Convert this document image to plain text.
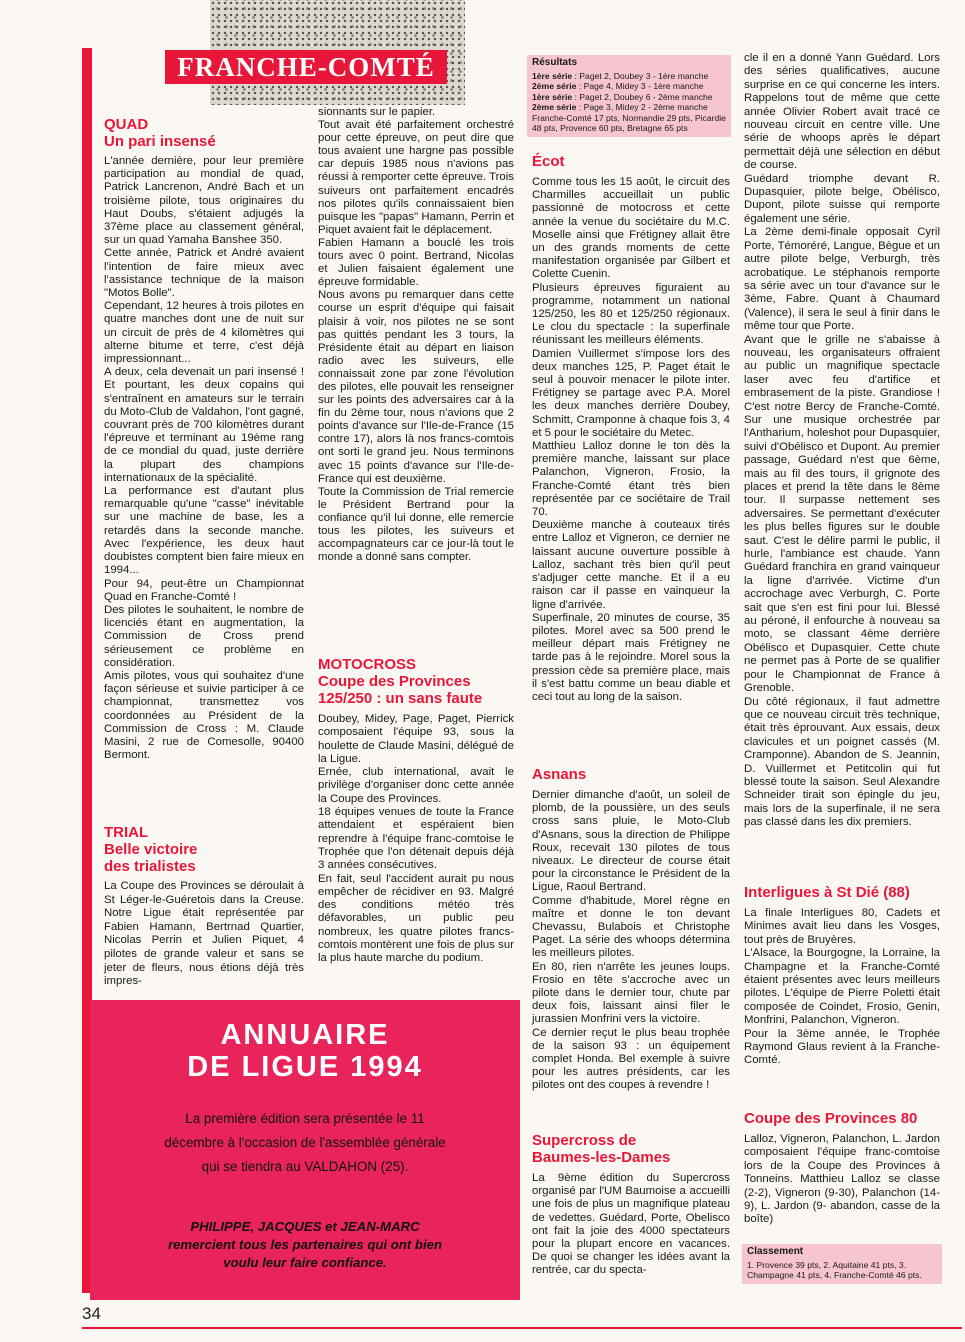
FRANCHE-COMTÉ
QUAD
Un pari insensé

L'année dernière, pour leur première participation au mondial de quad, Patrick Lancrenon, André Bach et un troisième pilote, tous originaires du Haut Doubs, s'étaient adjugés la 37ème place au classement général, sur un quad Yamaha Banshee 350.

Cette année, Patrick et André avaient l'intention de faire mieux avec l'assistance technique de la maison "Motos Bolle".

Cependant, 12 heures à trois pilotes en quatre manches dont une de nuit sur un circuit de près de 4 kilomètres qui alterne bitume et terre, c'est déjà impressionnant...

A deux, cela devenait un pari insensé ! Et pourtant, les deux copains qui s'entraînent en amateurs sur le terrain du Moto-Club de Valdahon, l'ont gagné, couvrant près de 700 kilomètres durant l'épreuve et terminant au 19ème rang de ce mondial du quad, juste derrière la plupart des champions internationaux de la spécialité.

La performance est d'autant plus remarquable qu'une "casse" inévitable sur une machine de base, les a retardés dans la seconde manche. Avec l'expérience, les deux haut doubistes comptent bien faire mieux en 1994...

Pour 94, peut-être un Championnat Quad en Franche-Comté !

Des pilotes le souhaitent, le nombre de licenciés étant en augmentation, la Commission de Cross prend sérieusement ce problème en considération.

Amis pilotes, vous qui souhaitez d'une façon sérieuse et suivie participer à ce championnat, transmettez vos coordonnées au Président de la Commission de Cross : M. Claude Masini, 2 rue de Comesolle, 90400 Bermont.

TRIAL
Belle victoire
des trialistes

La Coupe des Provinces se déroulait à St Léger-le-Guéretois dans la Creuse. Notre Ligue était représentée par Fabien Hamann, Bertrnad Quartier, Nicolas Perrin et Julien Piquet, 4 pilotes de grande valeur et sans se jeter de fleurs, nous étions déjà très impres-

sionnants sur le papier.

Tout avait été parfaitement orchestré pour cette épreuve, on peut dire que tous avaient une hargne pas possible car depuis 1985 nous n'avions pas réussi à remporter cette épreuve. Trois suiveurs ont parfaitement encadrés nos pilotes qu'ils connaissaient bien puisque les "papas" Hamann, Perrin et Piquet avaient fait le déplacement.

Fabien Hamann a bouclé les trois tours avec 0 point. Bertrand, Nicolas et Julien faisaient également une épreuve formidable.

Nous avons pu remarquer dans cette course un esprit d'équipe qui faisait plaisir à voir, nos pilotes ne se sont pas quittés pendant les 3 tours, la Présidente était au départ en liaison radio avec les suiveurs, elle connaissait zone par zone l'évolution des pilotes, elle pouvait les renseigner sur les points des adversaires car à la fin du 2ème tour, nous n'avions que 2 points d'avance sur l'Ile-de-France (15 contre 17), alors là nos francs-comtois ont sorti le grand jeu. Nous terminons avec 15 points d'avance sur l'Ile-de-France qui est deuxième.

Toute la Commission de Trial remercie le Président Bertrand pour la confiance qu'il lui donne, elle remercie tous les pilotes, les suiveurs et accompagnateurs car ce jour-là tout le monde a donné sans compter.

MOTOCROSS
Coupe des Provinces
125/250 : un sans faute

Doubey, Midey, Page, Paget, Pierrick composaient l'équipe 93, sous la houlette de Claude Masini, délégué de la Ligue.

Ernée, club international, avait le privilège d'organiser donc cette année la Coupe des Provinces.

18 équipes venues de toute la France attendaient et espéraient bien reprendre à l'équipe franc-comtoise le Trophée que l'on détenait depuis déjà 3 années consécutives.

En fait, seul l'accident aurait pu nous empêcher de récidiver en 93. Malgré des conditions météo très défavorables, un public peu nombreux, les quatre pilotes francs-comtois montèrent une fois de plus sur la plus haute marche du podium.

Résultats
1ère série : Paget 2, Doubey 3 - 1ère manche
2ème série : Page 4, Midey 3 - 1ère manche
1ère série : Paget 2, Doubey 6 - 2ème manche
2ème série : Page 3, Midey 2 - 2ème manche
Franche-Comté 17 pts, Normandie 29 pts, Picardie 48 pts, Provence 60 pts, Bretagne 65 pts
Écot

Comme tous les 15 août, le circuit des Charmilles accueillait un public passionné de motocross et cette année la venue du sociétaire du M.C. Moselle ainsi que Frétigney allait être un des grands moments de cette manifestation organisée par Gilbert et Colette Cuenin.

Plusieurs épreuves figuraient au programme, notamment un national 125/250, les 80 et 125/250 régionaux. Le clou du spectacle : la superfinale réunissant les meilleurs éléments.

Damien Vuillermet s'impose lors des deux manches 125, P. Paget était le seul à pouvoir menacer le pilote inter. Frétigney se partage avec P.A. Morel les deux manches derrière Doubey, Schmitt, Cramponne à chaque fois 3, 4 et 5 pour le sociétaire du Metec.

Matthieu Lalloz donne le ton dès la première manche, laissant sur place Palanchon, Vigneron, Frosio, la Franche-Comté étant très bien représentée par ce sociétaire de Trail 70.

Deuxième manche à couteaux tirés entre Lalloz et Vigneron, ce dernier ne laissant aucune ouverture possible à Lalloz, sachant très bien qu'il peut s'adjuger cette manche. Et il a eu raison car il passe en vainqueur la ligne d'arrivée.

Superfinale, 20 minutes de course, 35 pilotes. Morel avec sa 500 prend le meilleur départ mais Frétigney ne tarde pas à le rejoindre. Morel sous la pression cède sa première place, mais il s'est battu comme un beau diable et ceci tout au long de la saison.

Asnans

Dernier dimanche d'août, un soleil de plomb, de la poussière, un des seuls cross sans pluie, le Moto-Club d'Asnans, sous la direction de Philippe Roux, recevait 130 pilotes de tous niveaux. Le directeur de course était pour la circonstance le Président de la Ligue, Raoul Bertrand.

Comme d'habitude, Morel règne en maître et donne le ton devant Chevassu, Bulabois et Christophe Paget. La série des whoops détermina les meilleurs pilotes.

En 80, rien n'arrête les jeunes loups. Frosio en tête s'accroche avec un pilote dans le dernier tour, chute par deux fois, laissant ainsi filer le jurassien Monfrini vers la victoire.

Ce dernier reçut le plus beau trophée de la saison 93 : un équipement complet Honda. Bel exemple à suivre pour les autres présidents, car les pilotes ont des coupes à revendre !

Supercross de
Baumes-les-Dames

La 9ème édition du Supercross organisé par l'UM Baumoise a accueilli une fois de plus un magnifique plateau de vedettes. Guédard, Porte, Obelisco ont fait la joie des 4000 spectateurs pour la plupart encore en vacances. De quoi se changer les idées avant la rentrée, car du specta-

cle il en a donné Yann Guédard. Lors des séries qualificatives, aucune surprise en ce qui concerne les inters. Rappelons tout de même que cette année Olivier Robert avait tracé ce nouveau circuit en centre ville. Une série de whoops après le départ permettait déjà une sélection en début de course.

Guédard triomphe devant R. Dupasquier, pilote belge, Obélisco, Dupont, pilote suisse qui remporte également une série.

La 2ème demi-finale opposait Cyril Porte, Témoréré, Langue, Bègue et un autre pilote belge, Verburgh, très acrobatique. Le stéphanois remporte sa série avec un tour d'avance sur le 3ème, Fabre. Quant à Chaumard (Valence), il sera le seul à finir dans le même tour que Porte.

Avant que le grille ne s'abaisse à nouveau, les organisateurs offraient au public un magnifique spectacle laser avec feu d'artifice et embrasement de la piste. Grandiose ! C'est notre Bercy de Franche-Comté. Sur une musique orchestrée par l'Antharium, holeshot pour Dupasquier, suivi d'Obélisco et Dupont. Au premier passage, Guédard n'est que 6ème, mais au fil des tours, il grignote des places et prend la tête dans le 8ème tour. Il surpasse nettement ses adversaires. Se permettant d'exécuter les plus belles figures sur le double saut. C'est le délire parmi le public, il hurle, l'ambiance est chaude. Yann Guédard franchira en grand vainqueur la ligne d'arrivée. Victime d'un accrochage avec Verburgh, C. Porte sait que s'en est fini pour lui. Blessé au péroné, il enfourche à nouveau sa moto, se classant 4ème derrière Obélisco et Dupasquier. Cette chute ne permet pas à Porte de se qualifier pour le Championnat de France à Grenoble.

Du côté régionaux, il faut admettre que ce nouveau circuit très technique, était très éprouvant. Aux essais, deux clavicules et un poignet cassés (M. Cramponne). Abandon de S. Jeannin, D. Vuillermet et Petitcolin qui fut blessé toute la saison. Seul Alexandre Schneider tirait son épingle du jeu, mais lors de la superfinale, il ne sera pas classé dans les dix premiers.

Interligues à St Dié (88)

La finale Interligues 80, Cadets et Minimes avait lieu dans les Vosges, tout près de Bruyères.

L'Alsace, la Bourgogne, la Lorraine, la Champagne et la Franche-Comté étaient présentes avec leurs meilleurs pilotes. L'équipe de Pierre Poletti était composée de Coindet, Frosio, Genin, Monfrini, Palanchon, Vigneron.

Pour la 3ème année, le Trophée Raymond Glaus revient à la Franche-Comté.

Coupe des Provinces 80

Lalloz, Vigneron, Palanchon, L. Jardon composaient l'équipe franc-comtoise lors de la Coupe des Provinces à Tonneins. Matthieu Lalloz se classe (2-2), Vigneron (9-30), Palanchon (14-9), L. Jardon (9- abandon, casse de la boîte)

Classement
1. Provence 39 pts, 2. Aquitaine 41 pts, 3. Champagne 41 pts, 4. Franche-Comté 46 pts.
ANNUAIRE
DE LIGUE 1994
La première édition sera présentée le 11
décembre à l'occasion de l'assemblée générale
qui se tiendra au VALDAHON (25).
PHILIPPE, JACQUES et JEAN-MARC
remercient tous les partenaires qui ont bien
voulu leur faire confiance.
34
